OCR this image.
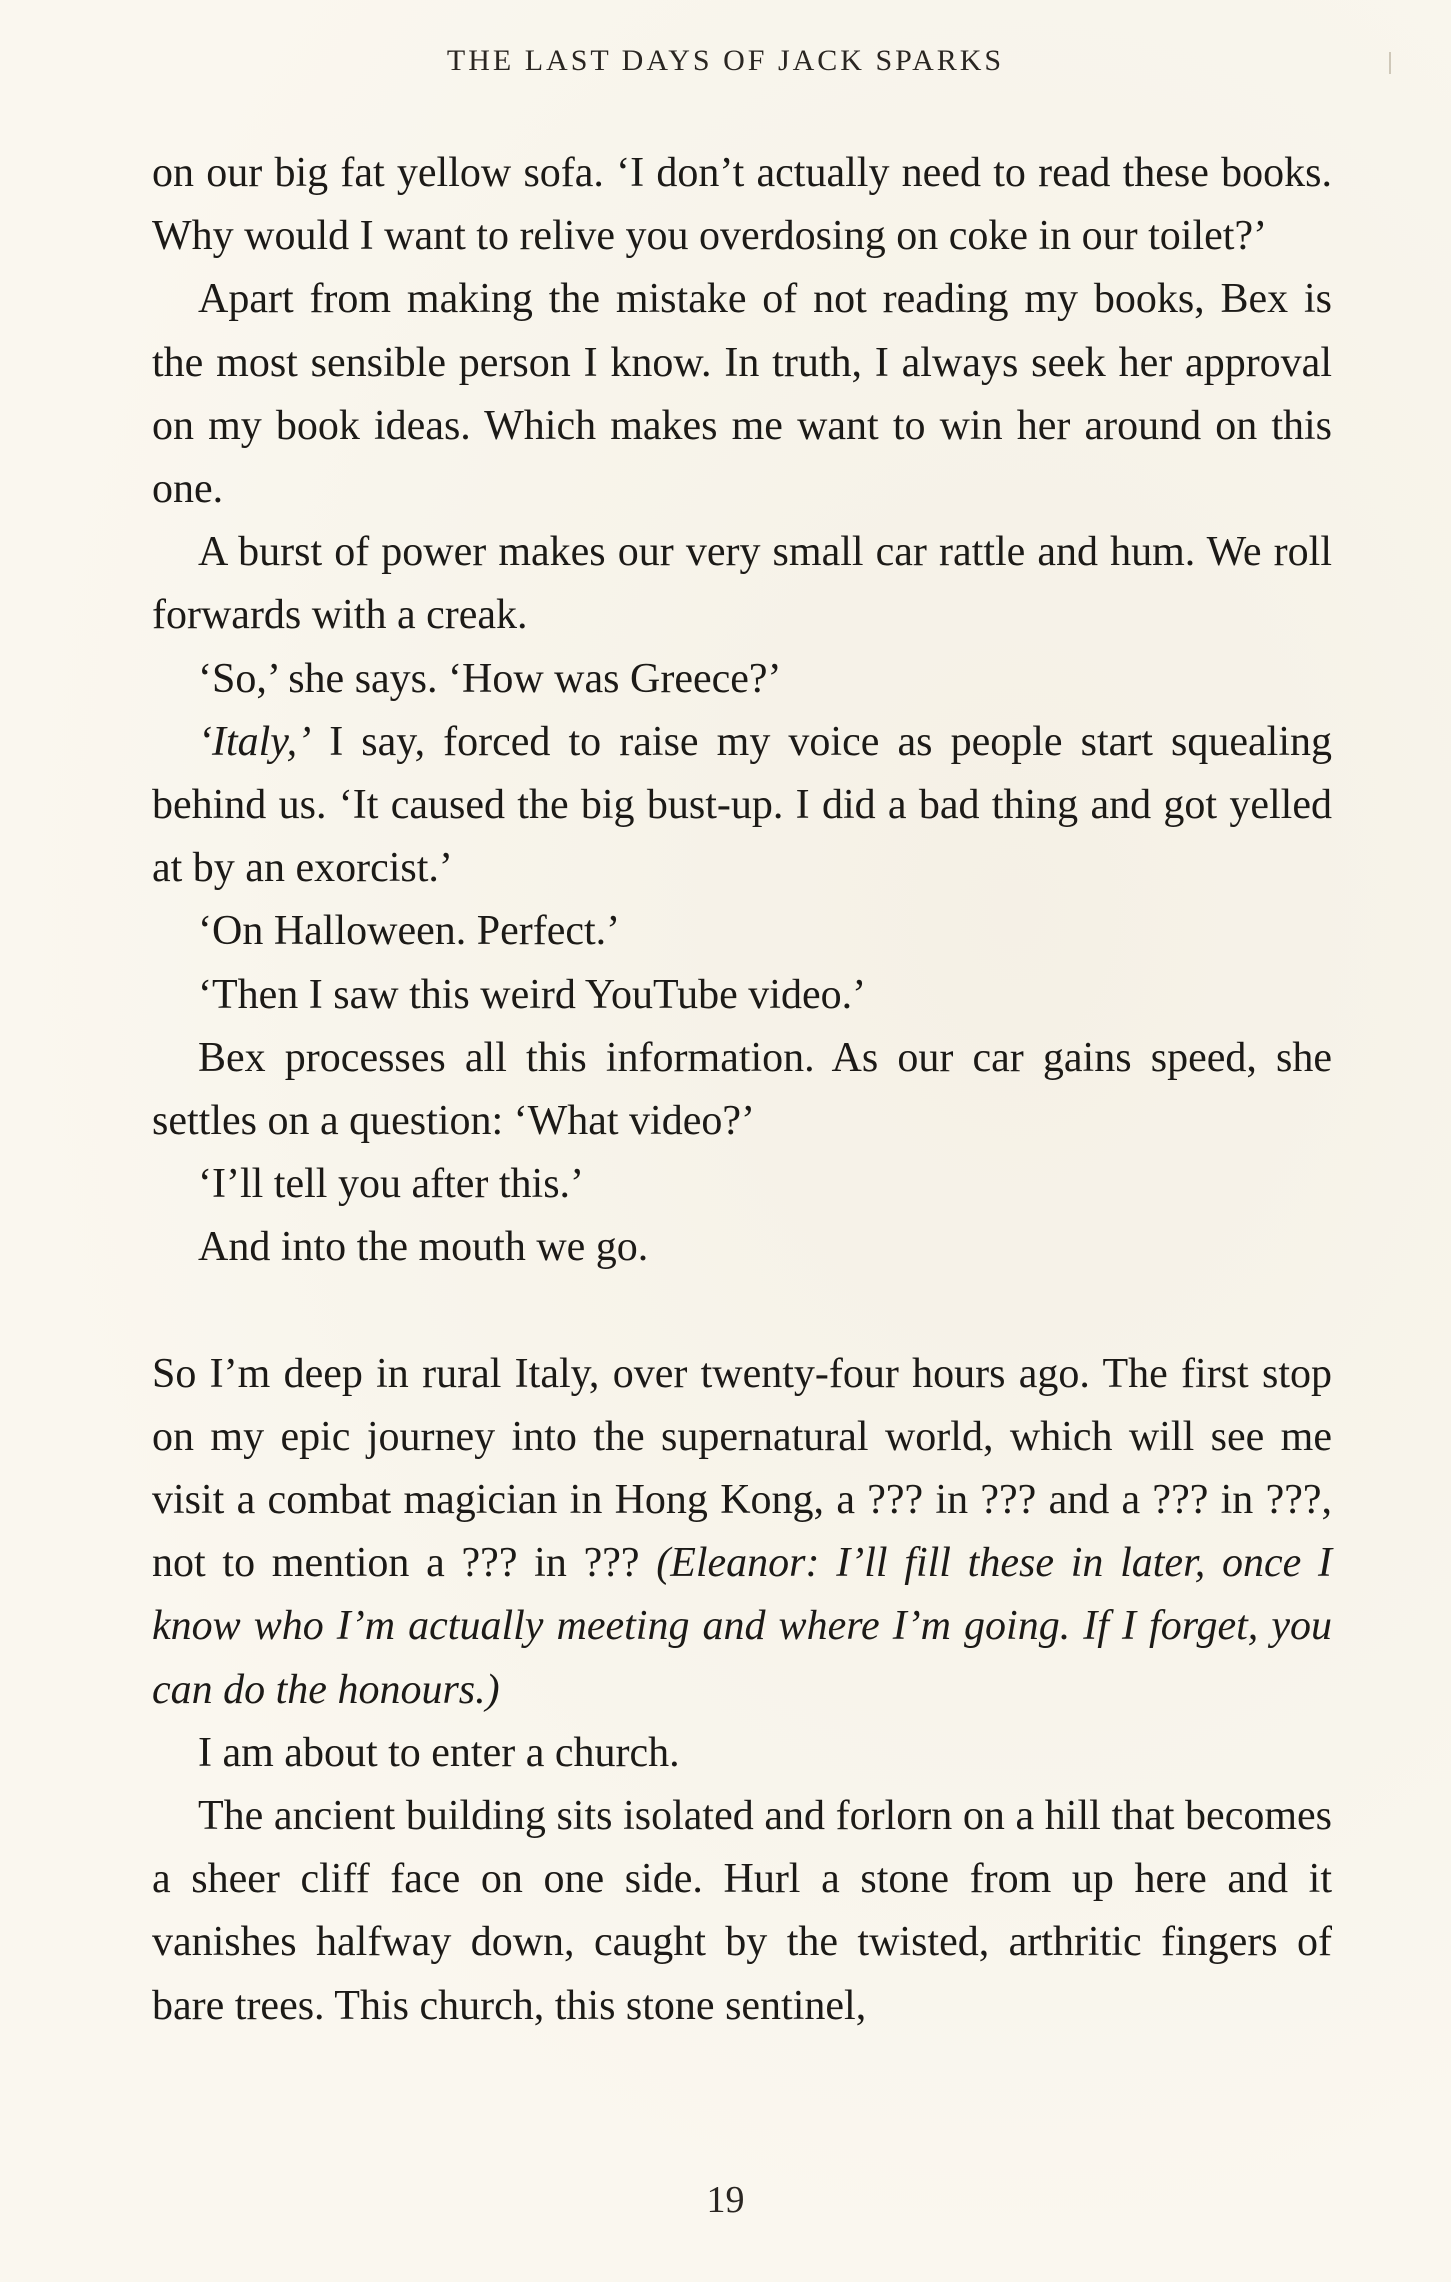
THE LAST DAYS OF JACK SPARKS

on our big fat yellow sofa. ‘I don’t actually need to read these books. Why would I want to relive you overdosing on coke in our toilet?’

Apart from making the mistake of not reading my books, Bex is the most sensible person I know. In truth, I always seek her approval on my book ideas. Which makes me want to win her around on this one.

A burst of power makes our very small car rattle and hum. We roll forwards with a creak.

‘So,’ she says. ‘How was Greece?’

‘Italy,’ I say, forced to raise my voice as people start squealing behind us. ‘It caused the big bust-up. I did a bad thing and got yelled at by an exorcist.’

‘On Halloween. Perfect.’

‘Then I saw this weird YouTube video.’

Bex processes all this information. As our car gains speed, she settles on a question: ‘What video?’

‘I’ll tell you after this.’

And into the mouth we go.

So I’m deep in rural Italy, over twenty-four hours ago. The first stop on my epic journey into the supernatural world, which will see me visit a combat magician in Hong Kong, a ??? in ??? and a ??? in ???, not to mention a ??? in ??? (Eleanor: I’ll fill these in later, once I know who I’m actually meeting and where I’m going. If I forget, you can do the honours.)

I am about to enter a church.

The ancient building sits isolated and forlorn on a hill that becomes a sheer cliff face on one side. Hurl a stone from up here and it vanishes halfway down, caught by the twisted, arthritic fingers of bare trees. This church, this stone sentinel,

19
